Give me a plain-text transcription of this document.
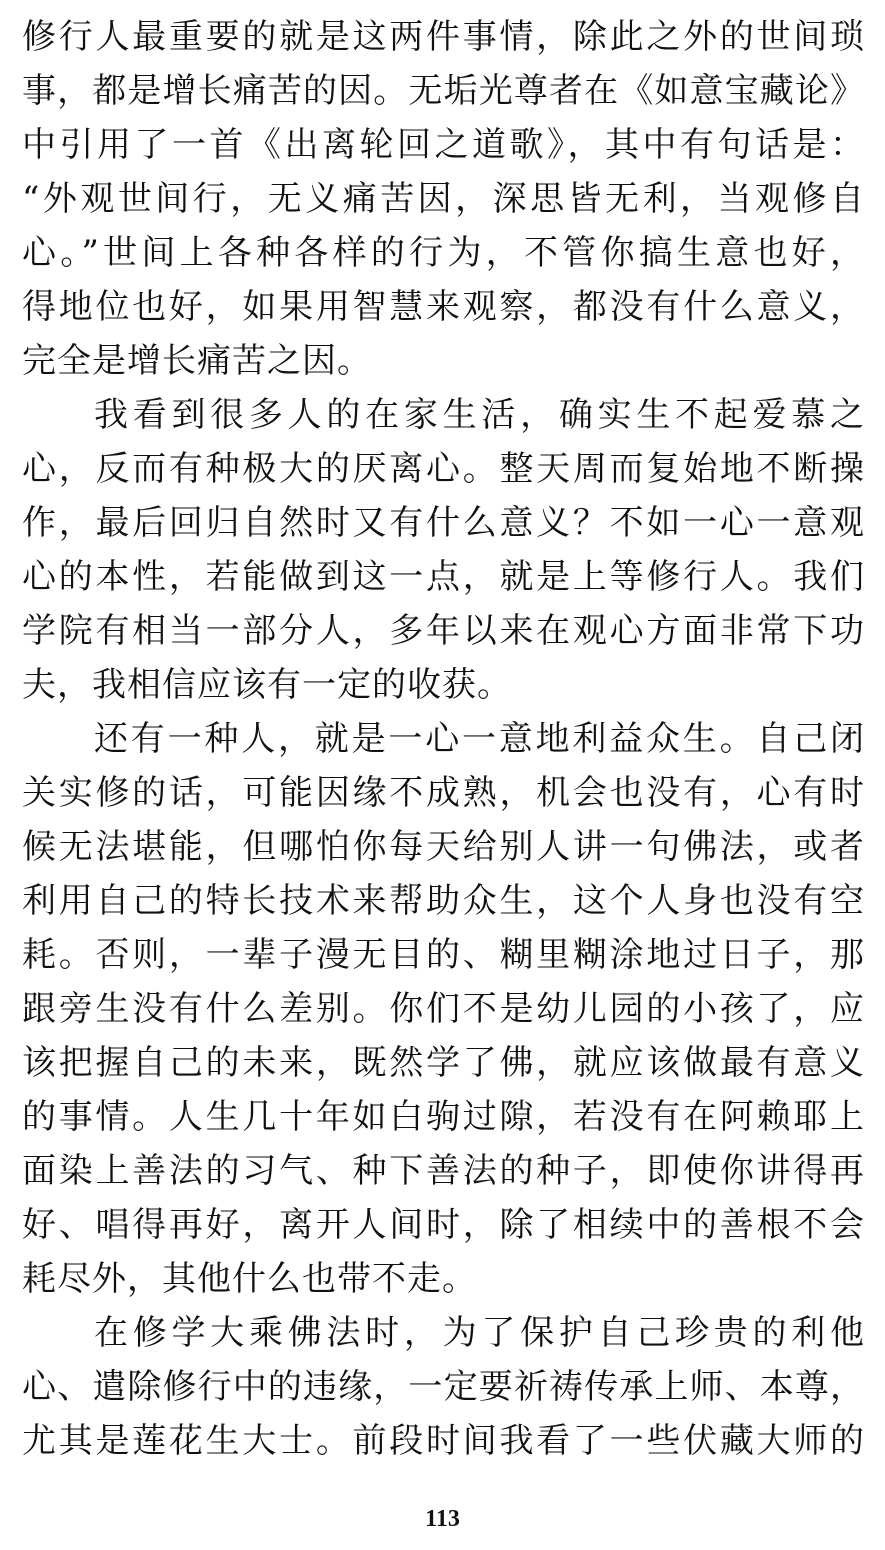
修行人最重要的就是这两件事情，除此之外的世间琐
事，都是增长痛苦的因。无垢光尊者在《如意宝藏论》
中引用了一首《出离轮回之道歌》，其中有句话是：
“外观世间行，无义痛苦因，深思皆无利，当观修自
心。”世间上各种各样的行为，不管你搞生意也好，
得地位也好，如果用智慧来观察，都没有什么意义，
完全是增长痛苦之因。
我看到很多人的在家生活，确实生不起爱慕之
心，反而有种极大的厌离心。整天周而复始地不断操
作，最后回归自然时又有什么意义？不如一心一意观
心的本性，若能做到这一点，就是上等修行人。我们
学院有相当一部分人，多年以来在观心方面非常下功
夫，我相信应该有一定的收获。
还有一种人，就是一心一意地利益众生。自己闭
关实修的话，可能因缘不成熟，机会也没有，心有时
候无法堪能，但哪怕你每天给别人讲一句佛法，或者
利用自己的特长技术来帮助众生，这个人身也没有空
耗。否则，一辈子漫无目的、糊里糊涂地过日子，那
跟旁生没有什么差别。你们不是幼儿园的小孩了，应
该把握自己的未来，既然学了佛，就应该做最有意义
的事情。人生几十年如白驹过隙，若没有在阿赖耶上
面染上善法的习气、种下善法的种子，即使你讲得再
好、唱得再好，离开人间时，除了相续中的善根不会
耗尽外，其他什么也带不走。
在修学大乘佛法时，为了保护自己珍贵的利他
心、遣除修行中的违缘，一定要祈祷传承上师、本尊，
尤其是莲花生大士。前段时间我看了一些伏藏大师的
113
